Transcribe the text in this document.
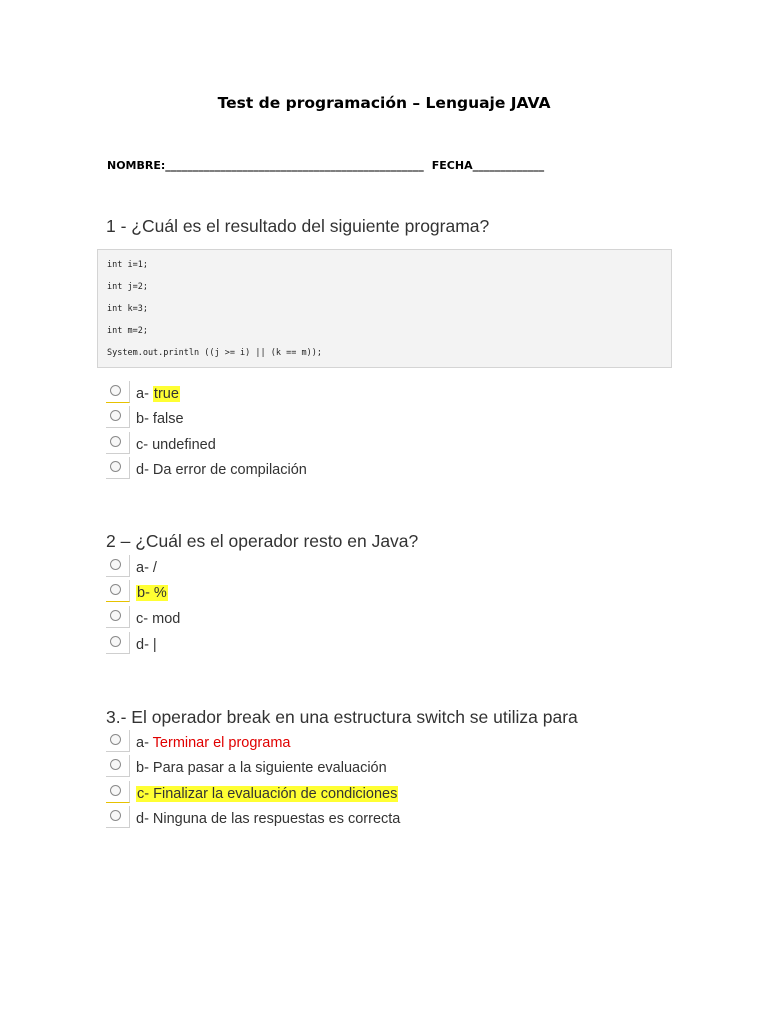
Test de programación – Lenguaje JAVA
NOMBRE:_______________________________________________ FECHA_____________
1 - ¿Cuál es el resultado del siguiente programa?
int i=1;
int j=2;
int k=3;
int m=2;
System.out.println ((j >= i) || (k == m));
a- true
b- false
c- undefined
d- Da error de compilación
2 – ¿Cuál es el operador resto en Java?
a- /
b- %
c- mod
d- |
3.- El operador break en una estructura switch se utiliza para
a- Terminar el programa
b- Para pasar a la siguiente evaluación
c- Finalizar la evaluación de condiciones
d- Ninguna de las respuestas es correcta
